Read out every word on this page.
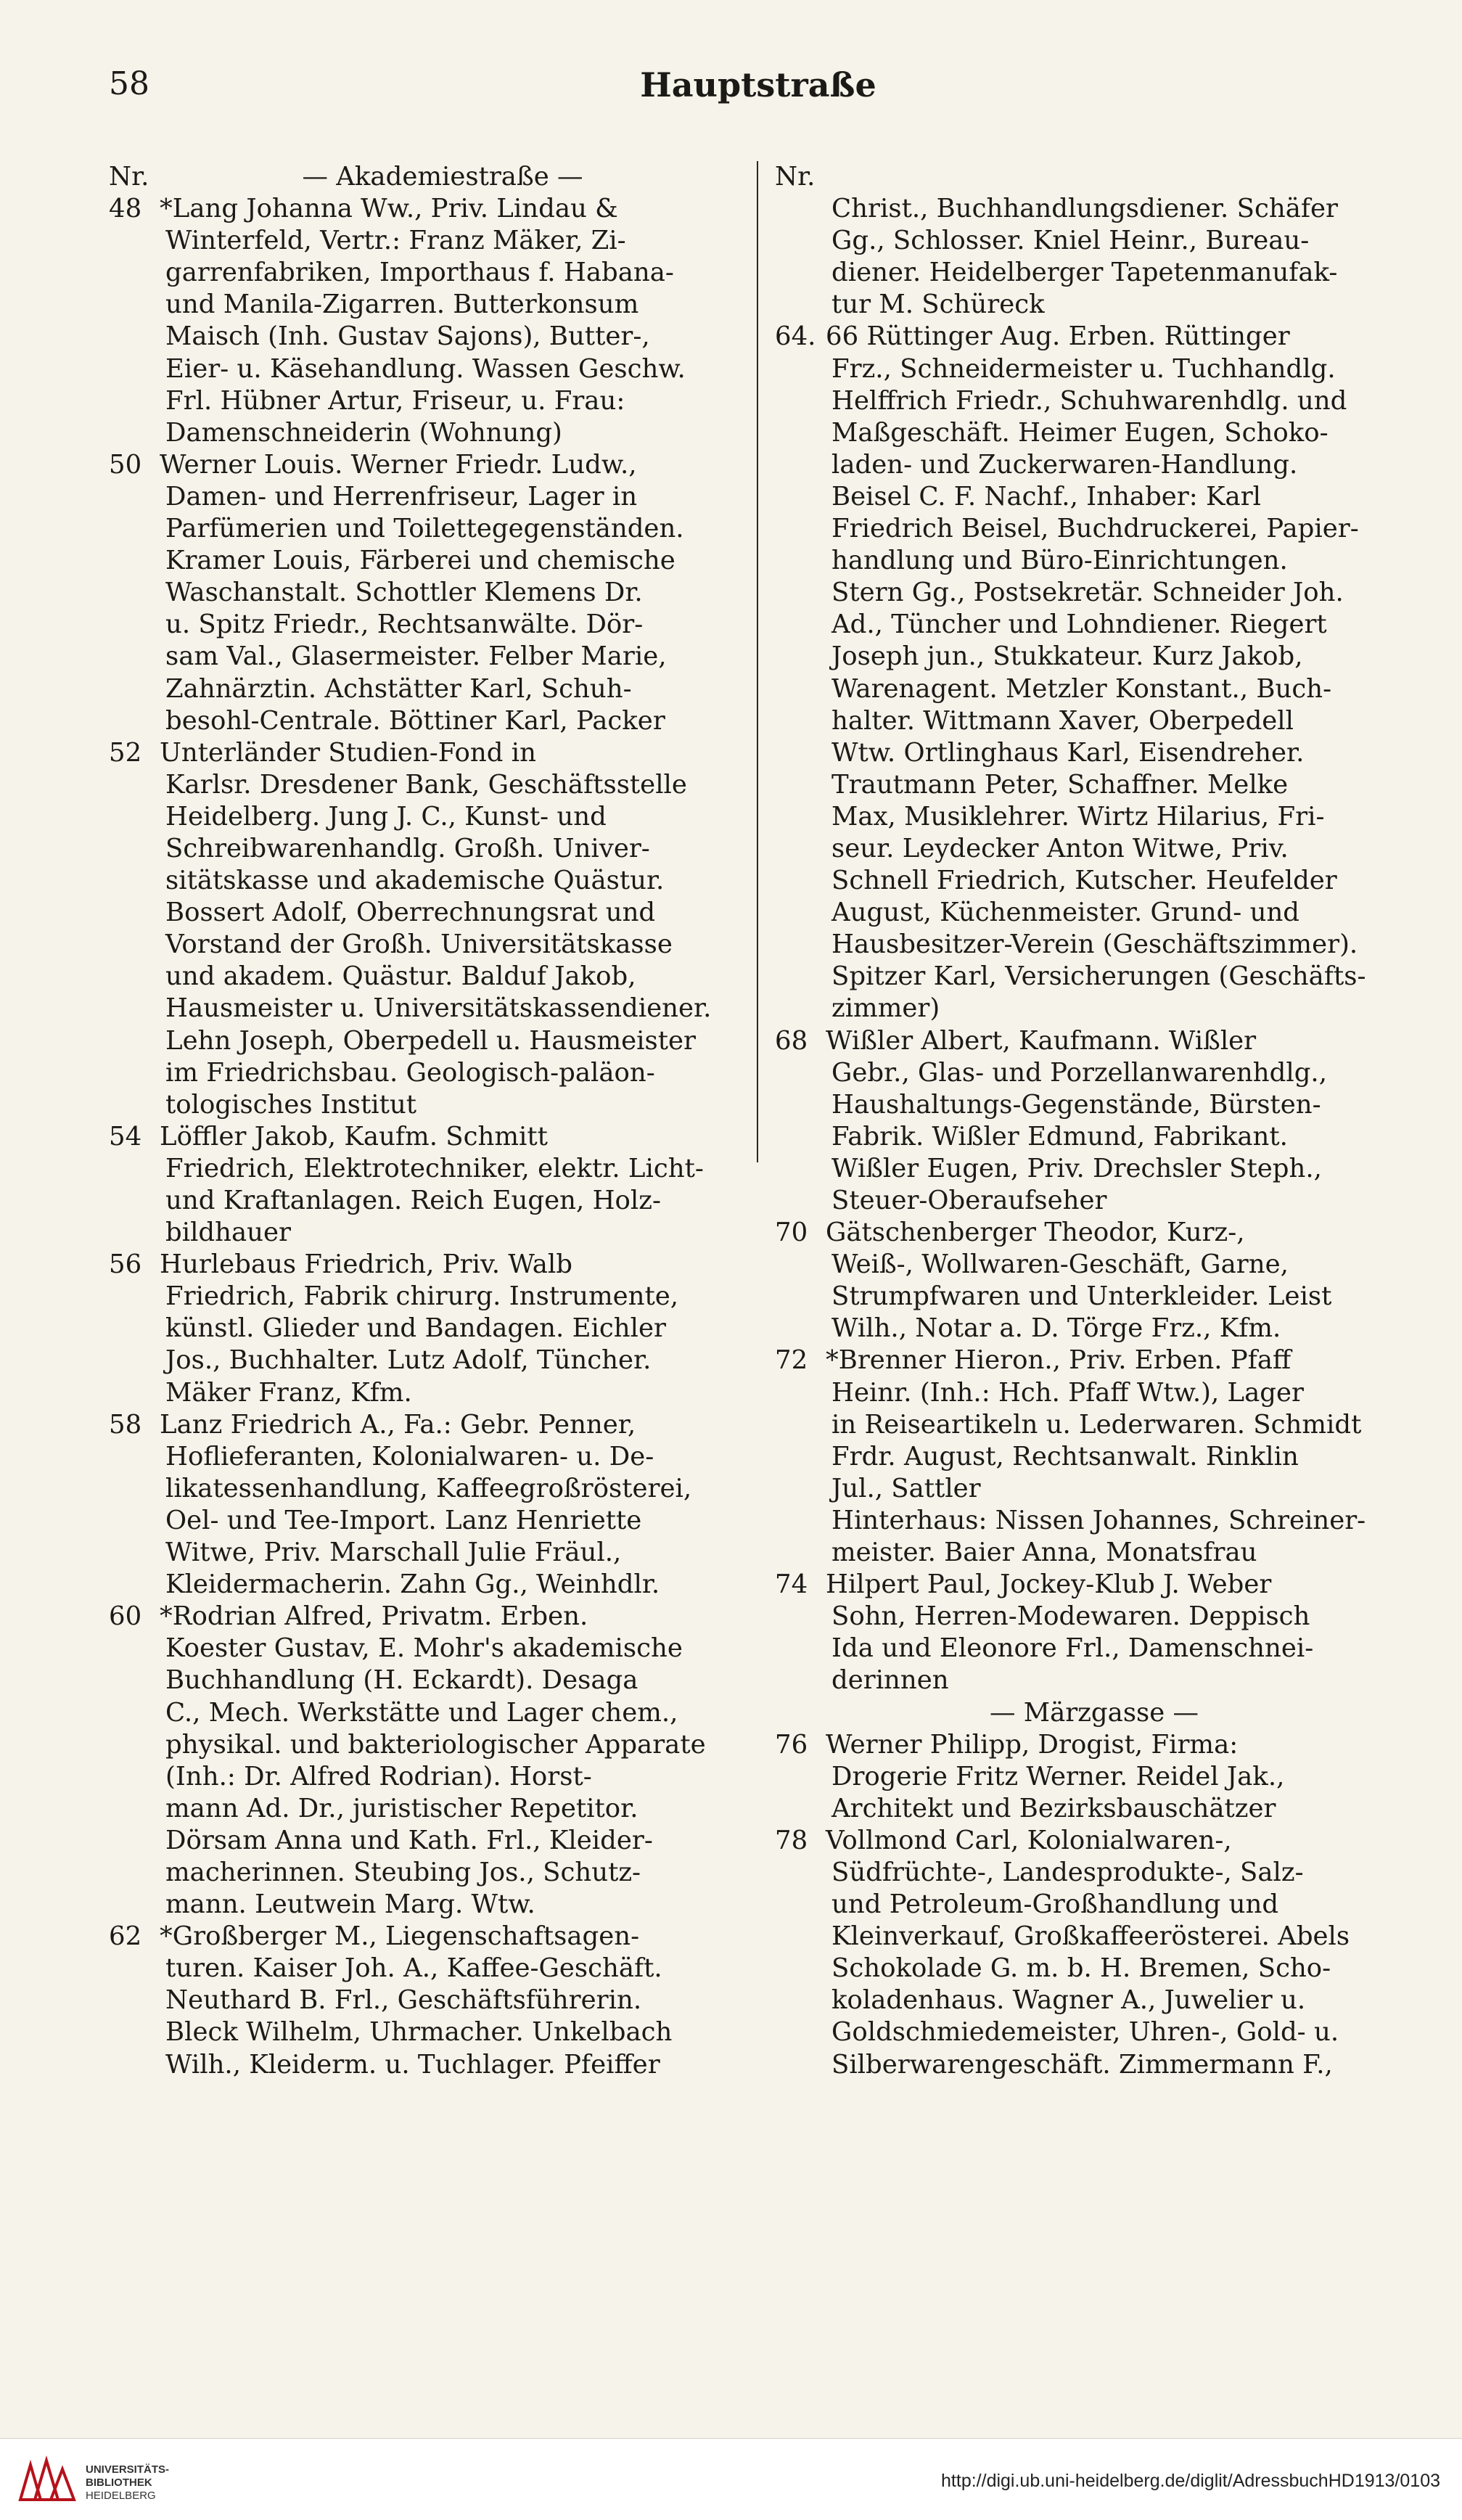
58	Hauptstraße
Nr.	— Akademiestraße —
48 *Lang Johanna Ww., Priv. Lindau &
Winterfeld, Vertr.: Franz Mäker, Zi-
garrenfabriken, Importhaus f. Habana-
und Manila-Zigarren. Butterkonsum
Maisch (Inh. Gustav Sajons), Butter-,
Eier- u. Käsehandlung. Wassen Geschw.
Frl. Hübner Artur, Friseur, u. Frau:
Damenschneiderin (Wohnung)
50 Werner Louis. Werner Friedr. Ludw.,
Damen- und Herrenfriseur, Lager in
Parfümerien und Toilettegegenständen.
Kramer Louis, Färberei und chemische
Waschanstalt. Schottler Klemens Dr.
u. Spitz Friedr., Rechtsanwälte. Dör-
sam Val., Glasermeister. Felber Marie,
Zahnärztin. Achstätter Karl, Schuh-
besohl-Centrale. Böttiner Karl, Packer
52 Unterländer Studien-Fond in
Karlsr. Dresdener Bank, Geschäftsstelle
Heidelberg. Jung J. C., Kunst- und
Schreibwarenhandlg. Großh. Univer-
sitätskasse und akademische Quästur.
Bossert Adolf, Oberrechnungsrat und
Vorstand der Großh. Universitätskasse
und akadem. Quästur. Balduf Jakob,
Hausmeister u. Universitätskassendiener.
Lehn Joseph, Oberpedell u. Hausmeister
im Friedrichsbau. Geologisch-paläon-
tologisches Institut
54 Löffler Jakob, Kaufm. Schmitt
Friedrich, Elektrotechniker, elektr. Licht-
und Kraftanlagen. Reich Eugen, Holz-
bildhauer
56 Hurlebaus Friedrich, Priv. Walb
Friedrich, Fabrik chirurg. Instrumente,
künstl. Glieder und Bandagen. Eichler
Jos., Buchhalter. Lutz Adolf, Tüncher.
Mäker Franz, Kfm.
58 Lanz Friedrich A., Fa.: Gebr. Penner,
Hoflieferanten, Kolonialwaren- u. De-
likatessenhandlung, Kaffeegroßrösterei,
Oel- und Tee-Import. Lanz Henriette
Witwe, Priv. Marschall Julie Fräul.,
Kleidermacherin. Zahn Gg., Weinhdlr.
60 *Rodrian Alfred, Privatm. Erben.
Koester Gustav, E. Mohr's akademische
Buchhandlung (H. Eckardt). Desaga
C., Mech. Werkstätte und Lager chem.,
physikal. und bakteriologischer Apparate
(Inh.: Dr. Alfred Rodrian). Horst-
mann Ad. Dr., juristischer Repetitor.
Dörsam Anna und Kath. Frl., Kleider-
macherinnen. Steubing Jos., Schutz-
mann. Leutwein Marg. Wtw.
62 *Großberger M., Liegenschaftsagen-
turen. Kaiser Joh. A., Kaffee-Geschäft.
Neuthard B. Frl., Geschäftsführerin.
Bleck Wilhelm, Uhrmacher. Unkelbach
Wilh., Kleiderm. u. Tuchlager. Pfeiffer
Nr.
Christ., Buchhandlungsdiener. Schäfer
Gg., Schlosser. Kniel Heinr., Bureau-
diener. Heidelberger Tapetenmanufak-
tur M. Schüreck
64. 66 Rüttinger Aug. Erben. Rüttinger
Frz., Schneidermeister u. Tuchhandlg.
Helffrich Friedr., Schuhwarenhdlg. und
Maßgeschäft. Heimer Eugen, Schoko-
laden- und Zuckerwaren-Handlung.
Beisel C. F. Nachf., Inhaber: Karl
Friedrich Beisel, Buchdruckerei, Papier-
handlung und Büro-Einrichtungen.
Stern Gg., Postsekretär. Schneider Joh.
Ad., Tüncher und Lohndiener. Riegert
Joseph jun., Stukkateur. Kurz Jakob,
Warenagent. Metzler Konstant., Buch-
halter. Wittmann Xaver, Oberpedell
Wtw. Ortlinghaus Karl, Eisendreher.
Trautmann Peter, Schaffner. Melke
Max, Musiklehrer. Wirtz Hilarius, Fri-
seur. Leydecker Anton Witwe, Priv.
Schnell Friedrich, Kutscher. Heufelder
August, Küchenmeister. Grund- und
Hausbesitzer-Verein (Geschäftszimmer).
Spitzer Karl, Versicherungen (Geschäfts-
zimmer)
68 Wißler Albert, Kaufmann. Wißler
Gebr., Glas- und Porzellanwarenhdlg.,
Haushaltungs-Gegenstände, Bürsten-
Fabrik. Wißler Edmund, Fabrikant.
Wißler Eugen, Priv. Drechsler Steph.,
Steuer-Oberaufseher
70 Gätschenberger Theodor, Kurz-,
Weiß-, Wollwaren-Geschäft, Garne,
Strumpfwaren und Unterkleider. Leist
Wilh., Notar a. D. Törge Frz., Kfm.
72 *Brenner Hieron., Priv. Erben. Pfaff
Heinr. (Inh.: Hch. Pfaff Wtw.), Lager
in Reiseartikeln u. Lederwaren. Schmidt
Frdr. August, Rechtsanwalt. Rinklin
Jul., Sattler
Hinterhaus: Nissen Johannes, Schreiner-
meister. Baier Anna, Monatsfrau
74 Hilpert Paul, Jockey-Klub J. Weber
Sohn, Herren-Modewaren. Deppisch
Ida und Eleonore Frl., Damenschnei-
derinnen
— Märzgasse —
76 Werner Philipp, Drogist, Firma:
Drogerie Fritz Werner. Reidel Jak.,
Architekt und Bezirksbauschätzer
78 Vollmond Carl, Kolonialwaren-,
Südfrüchte-, Landesprodukte-, Salz-
und Petroleum-Großhandlung und
Kleinverkauf, Großkaffeerösterei. Abels
Schokolade G. m. b. H. Bremen, Scho-
koladenhaus. Wagner A., Juwelier u.
Goldschmiedemeister, Uhren-, Gold- u.
Silberwarengeschäft. Zimmermann F.,
UNIVERSITÄTS-
BIBLIOTHEK
HEIDELBERG
http://digi.ub.uni-heidelberg.de/diglit/AdressbuchHD1913/0103
